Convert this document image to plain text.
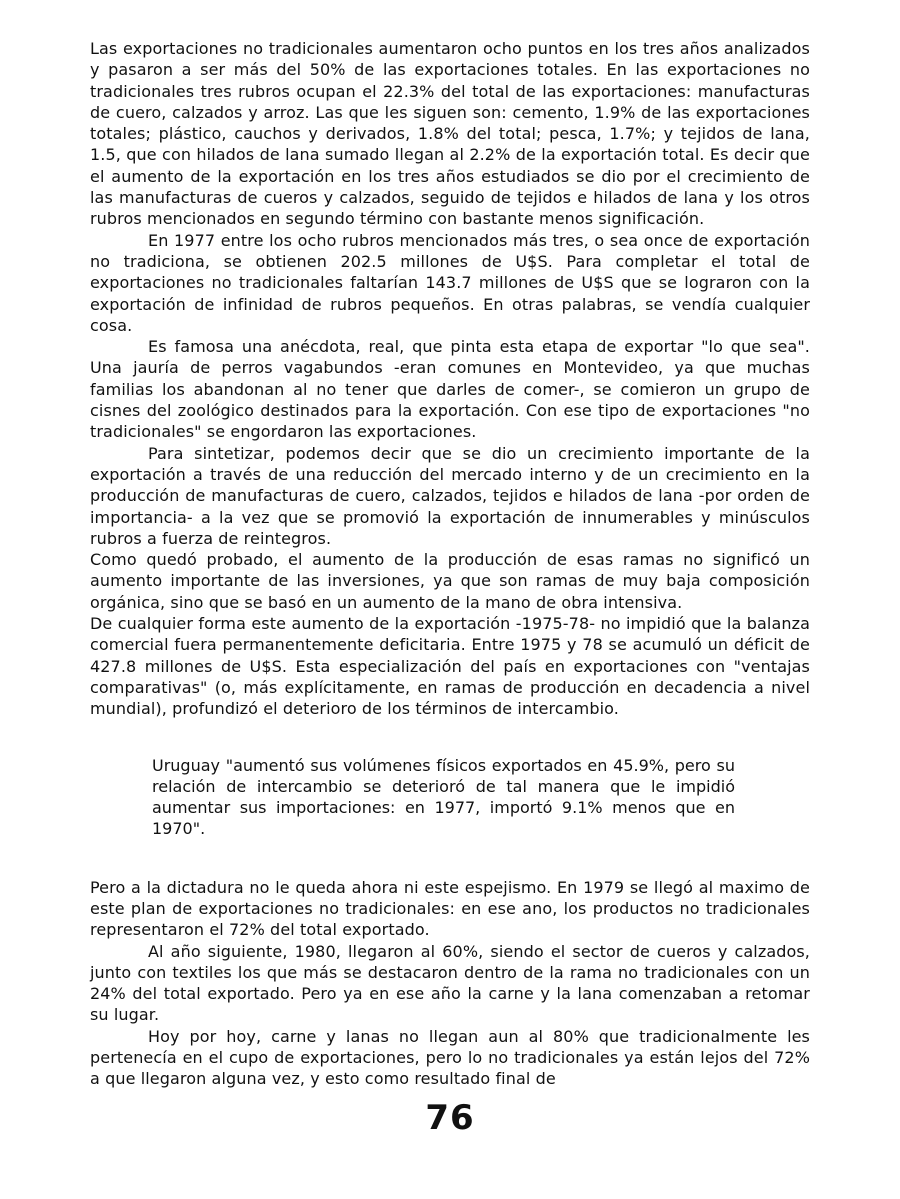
Las exportaciones no tradicionales aumentaron ocho puntos en los tres años analizados y pasaron a ser más del 50% de las exportaciones totales. En las exportaciones no tradicionales tres rubros ocupan el 22.3% del total de las exportaciones: manufacturas de cuero, calzados y arroz. Las que les siguen son: cemento, 1.9% de las exportaciones totales; plástico, cauchos y derivados, 1.8% del total; pesca, 1.7%; y tejidos de lana, 1.5, que con hilados de lana sumado llegan al 2.2% de la exportación total. Es decir que el aumento de la exportación en los tres años estudiados se dio por el crecimiento de las manufacturas de cueros y calzados, seguido de tejidos e hilados de lana y los otros rubros mencionados en segundo término con bastante menos significación.

En 1977 entre los ocho rubros mencionados más tres, o sea once de exportación no tradiciona, se obtienen 202.5 millones de U$S. Para completar el total de exportaciones no tradicionales faltarían 143.7 millones de U$S que se lograron con la exportación de infinidad de rubros pequeños. En otras palabras, se vendía cualquier cosa.

Es famosa una anécdota, real, que pinta esta etapa de exportar "lo que sea". Una jauría de perros vagabundos -eran comunes en Montevideo, ya que muchas familias los abandonan al no tener que darles de comer-, se comieron un grupo de cisnes del zoológico destinados para la exportación. Con ese tipo de exportaciones "no tradicionales" se engordaron las exportaciones.

Para sintetizar, podemos decir que se dio un crecimiento importante de la exportación a través de una reducción del mercado interno y de un crecimiento en la producción de manufacturas de cuero, calzados, tejidos e hilados de lana -por orden de importancia- a la vez que se promovió la exportación de innumerables y minúsculos rubros a fuerza de reintegros.

Como quedó probado, el aumento de la producción de esas ramas no significó un aumento importante de las inversiones, ya que son ramas de muy baja composición orgánica, sino que se basó en un aumento de la mano de obra intensiva.

De cualquier forma este aumento de la exportación -1975-78- no impidió que la balanza comercial fuera permanentemente deficitaria. Entre 1975 y 78 se acumuló un déficit de 427.8 millones de U$S. Esta especialización del país en exportaciones con "ventajas comparativas" (o, más explícitamente, en ramas de producción en decadencia a nivel mundial), profundizó el deterioro de los términos de intercambio.

Uruguay "aumentó sus volúmenes físicos exportados en 45.9%, pero su relación de intercambio se deterioró de tal manera que le impidió aumentar sus importaciones: en 1977, importó 9.1% menos que en 1970".

Pero a la dictadura no le queda ahora ni este espejismo. En 1979 se llegó al maximo de este plan de exportaciones no tradicionales: en ese ano, los productos no tradicionales representaron el 72% del total exportado.

Al año siguiente, 1980, llegaron al 60%, siendo el sector de cueros y calzados, junto con textiles los que más se destacaron dentro de la rama no tradicionales con un 24% del total exportado. Pero ya en ese año la carne y la lana comenzaban a retomar su lugar.

Hoy por hoy, carne y lanas no llegan aun al 80% que tradicionalmente les pertenecía en el cupo de exportaciones, pero lo no tradicionales ya están lejos del 72% a que llegaron alguna vez, y esto como resultado final de

76
